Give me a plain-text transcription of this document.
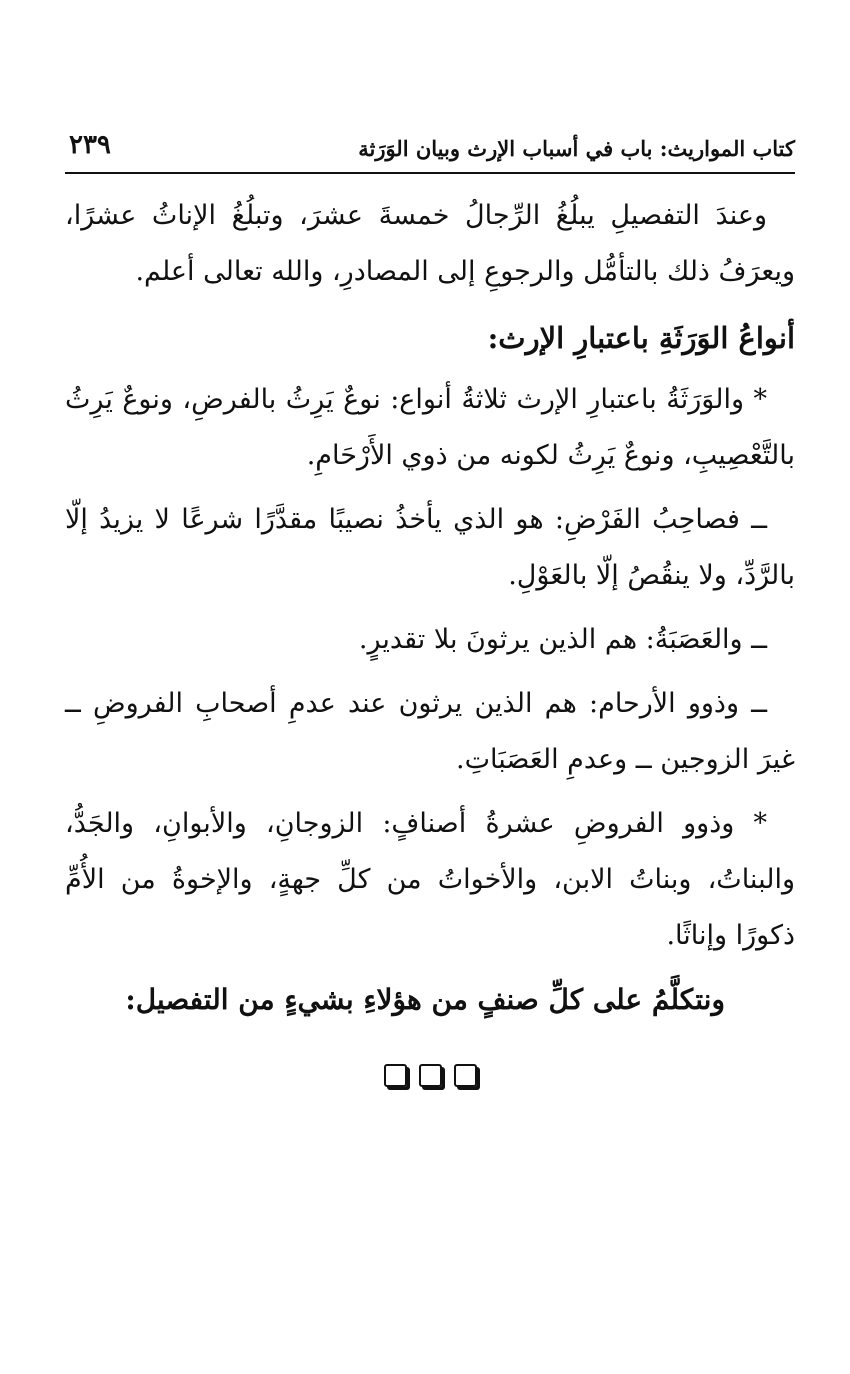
كتاب المواريث: باب في أسباب الإرث وبيان الوَرَثة
٢٣٩

وعندَ التفصيلِ يبلُغُ الرِّجالُ خمسةَ عشرَ، وتبلُغُ الإناثُ عشرًا، ويعرَفُ ذلك بالتأمُّل والرجوعِ إلى المصادرِ، والله تعالى أعلم.

أنواعُ الوَرَثَةِ باعتبارِ الإرث:

* والوَرَثَةُ باعتبارِ الإرث ثلاثةُ أنواع: نوعٌ يَرِثُ بالفرضِ، ونوعٌ يَرِثُ بالتَّعْصِيبِ، ونوعٌ يَرِثُ لكونه من ذوي الأَرْحَامِ.

ــ فصاحِبُ الفَرْضِ: هو الذي يأخذُ نصيبًا مقدَّرًا شرعًا لا يزيدُ إلّا بالرَّدِّ، ولا ينقُصُ إلّا بالعَوْلِ.

ــ والعَصَبَةُ: هم الذين يرثونَ بلا تقديرٍ.

ــ وذوو الأرحام: هم الذين يرثون عند عدمِ أصحابِ الفروضِ ــ غيرَ الزوجين ــ وعدمِ العَصَبَاتِ.

* وذوو الفروضِ عشرةُ أصنافٍ: الزوجانِ، والأبوانِ، والجَدُّ، والبناتُ، وبناتُ الابن، والأخواتُ من كلِّ جهةٍ، والإخوةُ من الأُمِّ ذكورًا وإناثًا.

ونتكلَّمُ على كلِّ صنفٍ من هؤلاءِ بشيءٍ من التفصيل:
